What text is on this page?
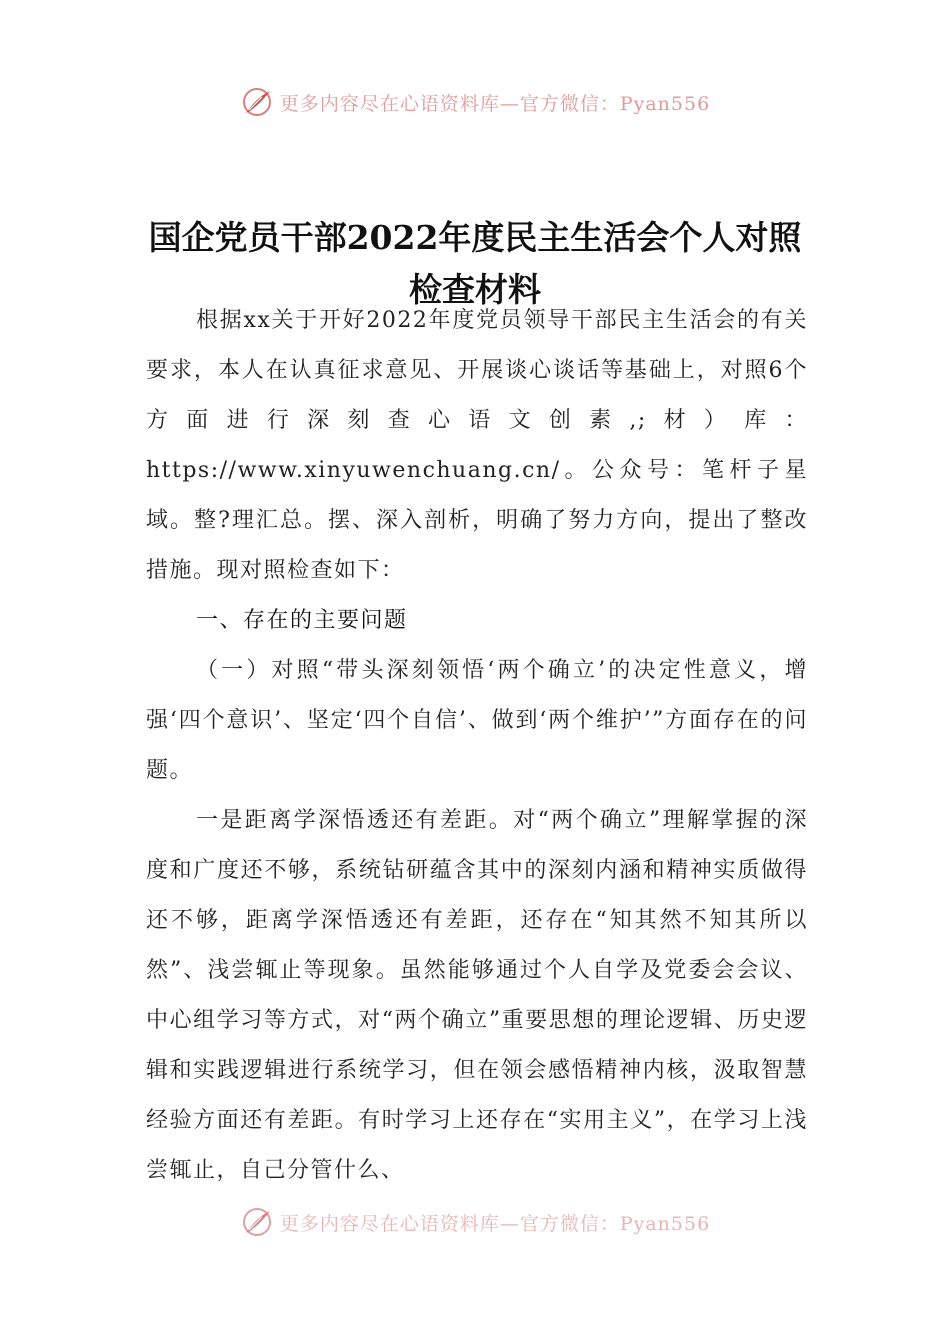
更多内容尽在心语资料库—官方微信：Pyan556
国企党员干部2022年度民主生活会个人对照检查材料

根据xx关于开好2022年度党员领导干部民主生活会的有关要求，本人在认真征求意见、开展谈心谈话等基础上，对照6个方面进行深刻查心语文创素,;材）库：https://www.xinyuwenchuang.cn/。公众号：笔杆子星域。整?理汇总。摆、深入剖析，明确了努力方向，提出了整改措施。现对照检查如下：

一、存在的主要问题

（一）对照“带头深刻领悟‘两个确立’的决定性意义，增强‘四个意识’、坚定‘四个自信’、做到‘两个维护’”方面存在的问题。

一是距离学深悟透还有差距。对“两个确立”理解掌握的深度和广度还不够，系统钻研蕴含其中的深刻内涵和精神实质做得还不够，距离学深悟透还有差距，还存在“知其然不知其所以然”、浅尝辄止等现象。虽然能够通过个人自学及党委会会议、中心组学习等方式，对“两个确立”重要思想的理论逻辑、历史逻辑和实践逻辑进行系统学习，但在领会感悟精神内核，汲取智慧经验方面还有差距。有时学习上还存在“实用主义”，在学习上浅尝辄止，自己分管什么、

更多内容尽在心语资料库—官方微信：Pyan556
